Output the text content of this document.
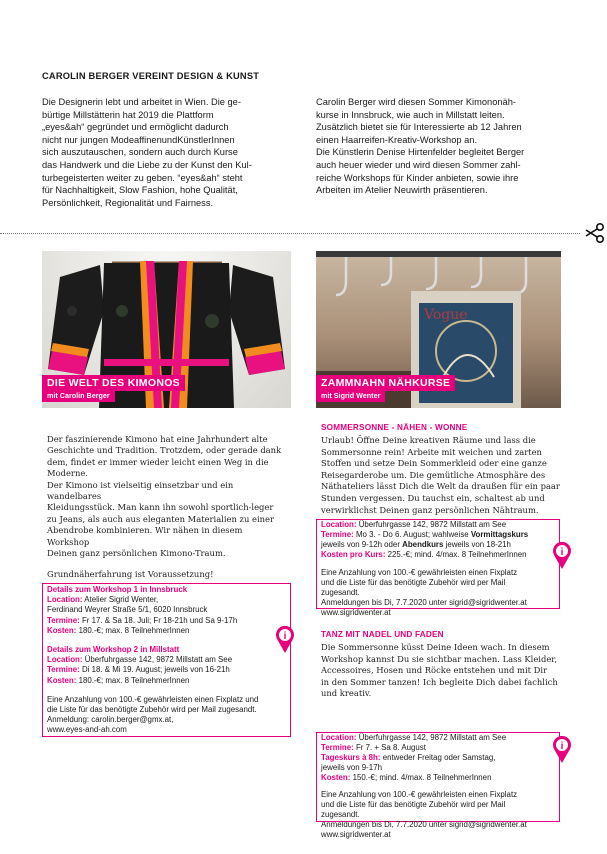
CAROLIN BERGER VEREINT DESIGN & KUNST
Die Designerin lebt und arbeitet in Wien. Die ge-
bürtige Millstätterin hat 2019 die Plattform
„eyes&ah“ gegründet und ermöglicht dadurch
nicht nur jungen ModeaffinenundKünstlerInnen
sich auszutauschen, sondern auch durch Kurse
das Handwerk und die Liebe zu der Kunst den Kul-
turbegeisterten weiter zu geben. “eyes&ah“ steht
für Nachhaltigkeit, Slow Fashion, hohe Qualität,
Persönlichkeit, Regionalität und Fairness.
Carolin Berger wird diesen Sommer Kimononäh-
kurse in Innsbruck, wie auch in Millstatt leiten.
Zusätzlich bietet sie für Interessierte ab 12 Jahren
einen Haarreifen-Kreativ-Workshop an.
Die Künstlerin Denise Hirtenfelder begleitet Berger
auch heuer wieder und wird diesen Sommer zahl-
reiche Workshops für Kinder anbieten, sowie ihre
Arbeiten im Atelier Neuwirth präsentieren.
DIE WELT DES KIMONOS
mit Carolin Berger
Vogue
ZAMMNAHN NÄHKURSE
mit Sigrid Wenter
Der faszinierende Kimono hat eine Jahrhundert alte
Geschichte und Tradition. Trotzdem, oder gerade dank
dem, findet er immer wieder leicht einen Weg in die
Moderne.
Der Kimono ist vielseitig einsetzbar und ein wandelbares
Kleidungsstück. Man kann ihn sowohl sportlich-leger
zu Jeans, als auch aus eleganten Materialien zu einer
Abendrobe kombinieren. Wir nähen in diesem Workshop
Deinen ganz persönlichen Kimono-Traum.
Grundnäherfahrung ist Voraussetzung!
Details zum Workshop 1 in Innsbruck
Location: Atelier Sigrid Wenter,
Ferdinand Weyrer Straße 5/1, 6020 Innsbruck
Termine: Fr 17. & Sa 18. Juli; Fr 18-21h und Sa 9-17h
Kosten: 180.-€; max. 8 TeilnehmerInnen
Details zum Workshop 2 in Millstatt
Location: Überfuhrgasse 142, 9872 Millstatt am See
Termine: Di 18. & Mi 19. August; jeweils von 16-21h
Kosten: 180.-€; max. 8 TeilnehmerInnen
Eine Anzahlung von 100.-€ gewährleisten einen Fixplatz und
die Liste für das benötigte Zubehör wird per Mail zugesandt.
Anmeldung: carolin.berger@gmx.at,
www.eyes-and-ah.com
i
SOMMERSONNE - NÄHEN - WONNE
Urlaub! Öffne Deine kreativen Räume und lass die
Sommersonne rein! Arbeite mit weichen und zarten
Stoffen und setze Dein Sommerkleid oder eine ganze
Reisegarderobe um. Die gemütliche Atmosphäre des
Näthateliers lässt Dich die Welt da draußen für ein paar
Stunden vergessen. Du tauchst ein, schaltest ab und
verwirklichst Deinen ganz persönlichen Nähtraum.
Location: Überfuhrgasse 142, 9872 Millstatt am See
Termine: Mo 3. - Do 6. August; wahlweise Vormittagskurs
jeweils von 9-12h oder Abendkurs jeweils von 18-21h
Kosten pro Kurs: 225.-€; mind. 4/max. 8 TeilnehmerInnen
Eine Anzahlung von 100.-€ gewährleisten einen Fixplatz
und die Liste für das benötigte Zubehör wird per Mail
zugesandt.
Anmeldungen bis Di, 7.7.2020 unter sigrid@sigridwenter.at
www.sigridwenter.at
i
TANZ MIT NADEL UND FADEN
Die Sommersonne küsst Deine Ideen wach. In diesem
Workshop kannst Du sie sichtbar machen. Lass Kleider,
Accessoires, Hosen und Röcke entstehen und mit Dir
in den Sommer tanzen! Ich begleite Dich dabei fachlich
und kreativ.
Location: Überfuhrgasse 142, 9872 Millstatt am See
Termine: Fr 7. + Sa 8. August
Tageskurs à 8h: entweder Freitag oder Samstag,
jeweils von 9-17h
Kosten: 150.-€; mind. 4/max. 8 TeilnehmerInnen
Eine Anzahlung von 100.-€ gewährleisten einen Fixplatz
und die Liste für das benötigte Zubehör wird per Mail
zugesandt.
Anmeldungen bis Di, 7.7.2020 unter sigrid@sigridwenter.at
www.sigridwenter.at
i
